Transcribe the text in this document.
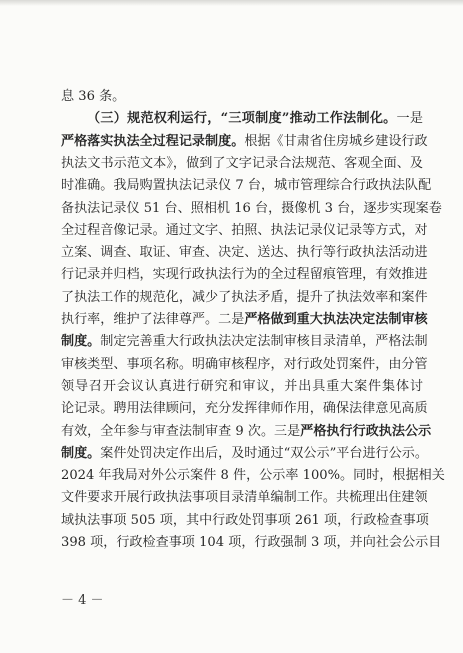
息 36 条。
（三）规范权利运行，“三项制度”推动工作法制化。一是
严格落实执法全过程记录制度。根据《甘肃省住房城乡建设行政
执法文书示范文本》，做到了文字记录合法规范、客观全面、及
时准确。我局购置执法记录仪 7 台，城市管理综合行政执法队配
备执法记录仪 51 台、照相机 16 台，摄像机 3 台，逐步实现案卷
全过程音像记录。通过文字、拍照、执法记录仪记录等方式，对
立案、调查、取证、审查、决定、送达、执行等行政执法活动进
行记录并归档，实现行政执法行为的全过程留痕管理，有效推进
了执法工作的规范化，减少了执法矛盾，提升了执法效率和案件
执行率，维护了法律尊严。二是严格做到重大执法决定法制审核
制度。制定完善重大行政执法决定法制审核目录清单，严格法制
审核类型、事项名称。明确审核程序，对行政处罚案件，由分管
领导召开会议认真进行研究和审议，并出具重大案件集体讨
论记录。聘用法律顾问，充分发挥律师作用，确保法律意见高质
有效，全年参与审查法制审查 9 次。三是严格执行行政执法公示
制度。案件处罚决定作出后，及时通过“双公示”平台进行公示。
2024 年我局对外公示案件 8 件，公示率 100%。同时，根据相关
文件要求开展行政执法事项目录清单编制工作。共梳理出住建领
域执法事项 505 项，其中行政处罚事项 261 项，行政检查事项
398 项，行政检查事项 104 项，行政强制 3 项，并向社会公示目
－ 4 －
